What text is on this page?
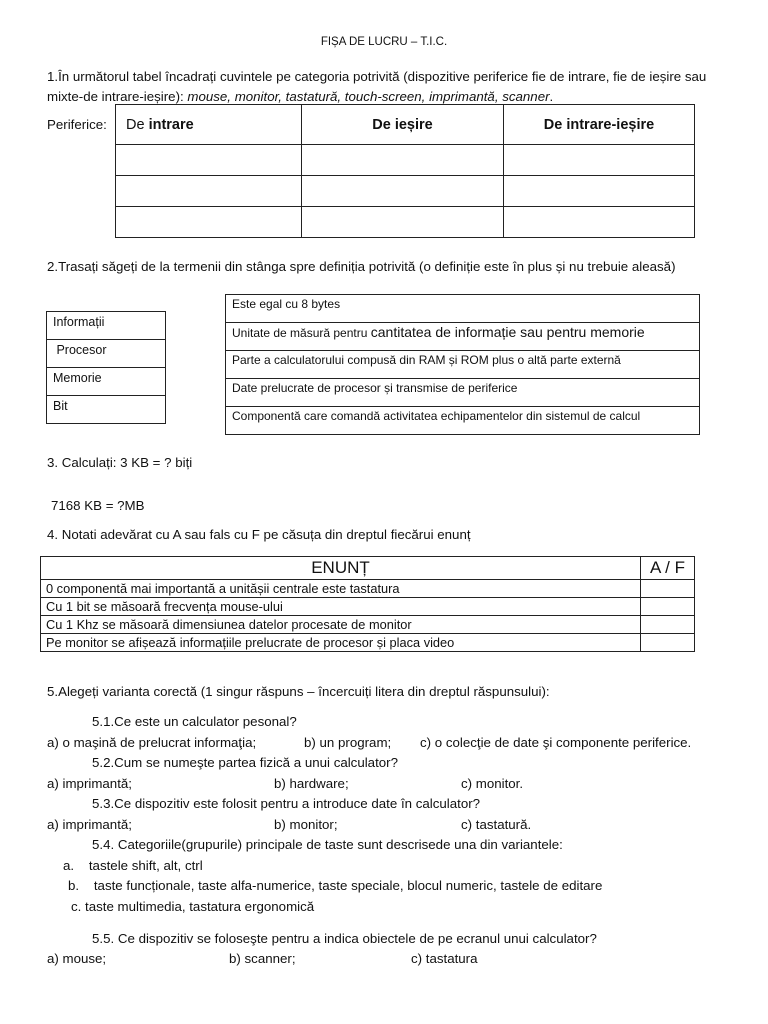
FIȘA DE LUCRU – T.I.C.
1.În următorul tabel încadrați cuvintele pe categoria potrivită (dispozitive periferice fie de intrare, fie de ieșire sau mixte-de intrare-ieșire): mouse, monitor, tastatură, touch-screen, imprimantă, scanner.
Periferice: De intrare	De ieșire	De intrare-ieșire

2.Trasați săgeți de la termenii din stânga spre definiția potrivită (o definiție este în plus și nu trebuie aleasă)
Informații
Procesor
Memorie
Bit
Este egal cu 8 bytes
Unitate de măsură pentru cantitatea de informație sau pentru memorie
Parte a calculatorului compusă din RAM și ROM plus o altă parte externă
Date prelucrate de procesor și transmise de periferice
Componentă care comandă activitatea echipamentelor din sistemul de calcul
3. Calculați: 3 KB = ? biți
7168 KB = ?MB
4. Notati adevărat cu A sau fals cu F pe căsuța din dreptul fiecărui enunț
ENUNȚ	A / F
0 componentă mai importantă a unitășii centrale este tastatura	
Cu 1 bit se măsoară frecvența mouse-ului	
Cu 1 Khz se măsoară dimensiunea datelor procesate de monitor	
Pe monitor se afișează informațiile prelucrate de procesor și placa video	
5.Alegeți varianta corectă (1 singur răspuns – încercuiți litera din dreptul răspunsului):
5.1.Ce este un calculator pesonal?
a) o maşină de prelucrat informaţia;	b) un program; c) o colecţie de date şi componente periferice.
5.2.Cum se numeşte partea fizică a unui calculator?
a) imprimantă;	b) hardware;	c) monitor.
5.3.Ce dispozitiv este folosit pentru a introduce date în calculator?
a) imprimantă;	b) monitor;	c) tastatură.
5.4. Categoriile(grupurile) principale de taste sunt descrisede una din variantele:
a.    tastele shift, alt, ctrl
b.    taste funcționale, taste alfa-numerice, taste speciale, blocul numeric, tastele de editare
c. taste multimedia, tastatura ergonomică
5.5. Ce dispozitiv se foloseşte pentru a indica obiectele de pe ecranul unui calculator?
a) mouse;	b) scanner;	c) tastatura
